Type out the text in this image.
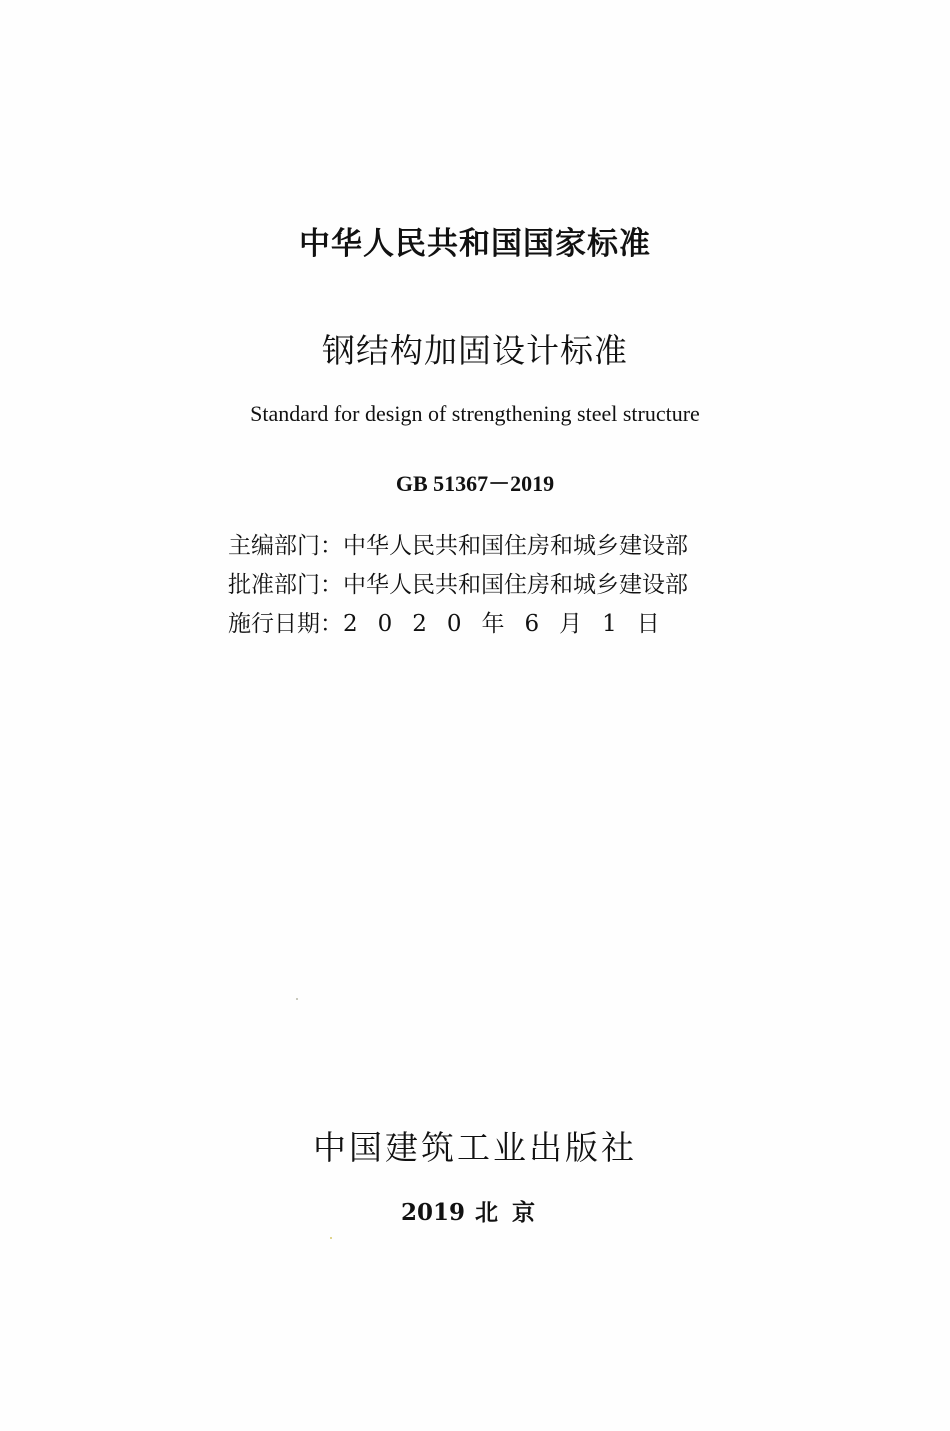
中华人民共和国国家标准
钢结构加固设计标准
Standard for design of strengthening steel structure
GB 51367－2019
主编部门：中华人民共和国住房和城乡建设部
批准部门：中华人民共和国住房和城乡建设部
施行日期：2020年6月1日
中国建筑工业出版社
2019 北京
